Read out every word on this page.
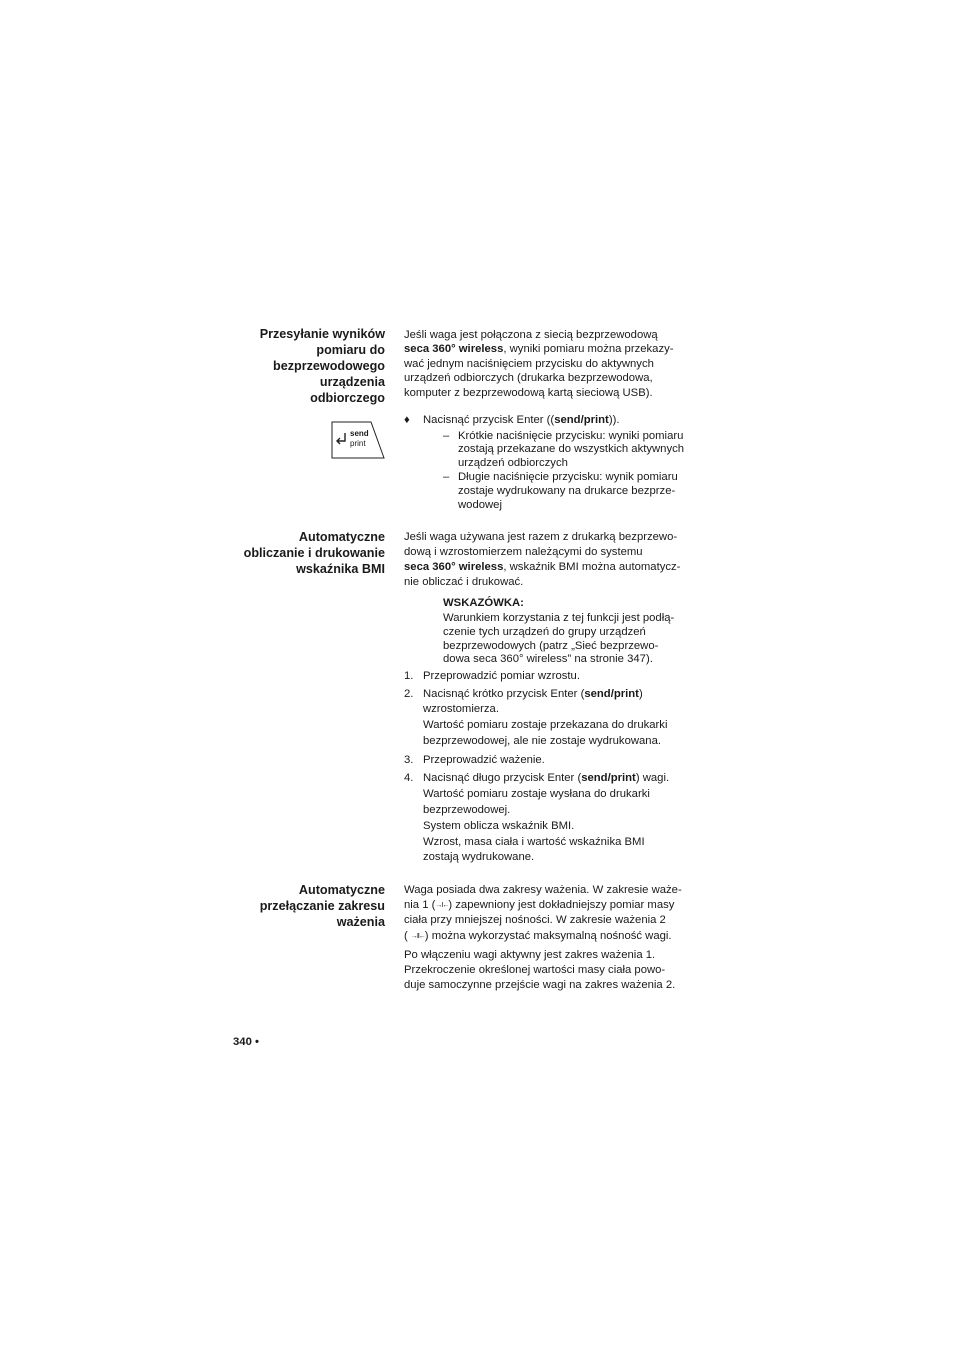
Przesyłanie wyników
pomiaru do
bezprzewodowego
urządzenia
odbiorczego
Jeśli waga jest połączona z siecią bezprzewodową
seca 360° wireless, wyniki pomiaru można przekazy-
wać jednym naciśnięciem przycisku do aktywnych
urządzeń odbiorczych (drukarka bezprzewodowa,
komputer z bezprzewodową kartą sieciową USB).
send
print
♦ Nacisnąć przycisk Enter ((send/print)).
– Krótkie naciśnięcie przycisku: wyniki pomiaru
zostają przekazane do wszystkich aktywnych
urządzeń odbiorczych
– Długie naciśnięcie przycisku: wynik pomiaru
zostaje wydrukowany na drukarce bezprze-
wodowej
Automatyczne
obliczanie i drukowanie
wskaźnika BMI
Jeśli waga używana jest razem z drukarką bezprzewo-
dową i wzrostomierzem należącymi do systemu
seca 360° wireless, wskaźnik BMI można automatycz-
nie obliczać i drukować.
WSKAZÓWKA:
Warunkiem korzystania z tej funkcji jest podłą-
czenie tych urządzeń do grupy urządzeń
bezprzewodowych (patrz „Sieć bezprzewo-
dowa seca 360° wireless” na stronie 347).
1. Przeprowadzić pomiar wzrostu.
2. Nacisnąć krótko przycisk Enter (send/print)
wzrostomierza.
Wartość pomiaru zostaje przekazana do drukarki
bezprzewodowej, ale nie zostaje wydrukowana.
3. Przeprowadzić ważenie.
4. Nacisnąć długo przycisk Enter (send/print) wagi.
Wartość pomiaru zostaje wysłana do drukarki
bezprzewodowej.
System oblicza wskaźnik BMI.
Wzrost, masa ciała i wartość wskaźnika BMI
zostają wydrukowane.
Automatyczne
przełączanie zakresu
ważenia
Waga posiada dwa zakresy ważenia. W zakresie waże-
nia 1 (→I←) zapewniony jest dokładniejszy pomiar masy
ciała przy mniejszej nośności. W zakresie ważenia 2
( →II←) można wykorzystać maksymalną nośność wagi.
Po włączeniu wagi aktywny jest zakres ważenia 1.
Przekroczenie określonej wartości masy ciała powo-
duje samoczynne przejście wagi na zakres ważenia 2.
340 •
